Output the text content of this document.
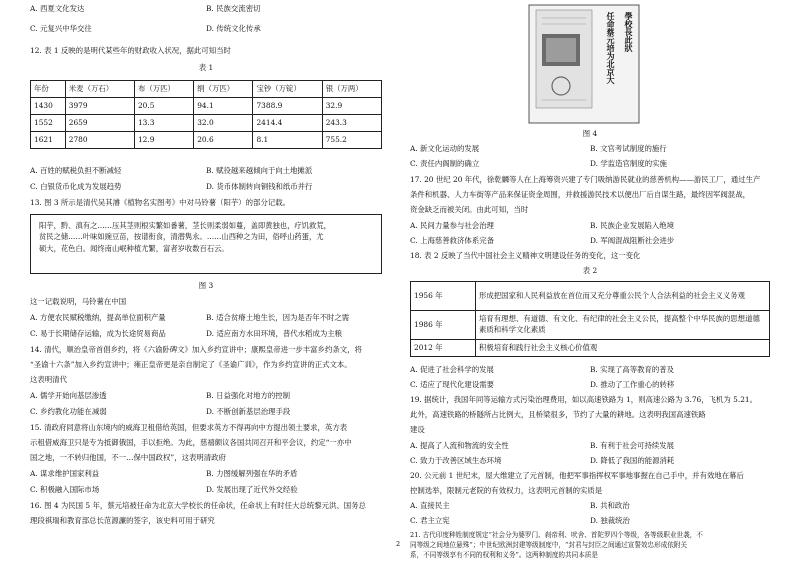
A. 西夏文化发达	B. 民族交流密切
C. 元复兴中华交往	D. 传统文化传承
12. 表 1 反映的是明代某些年的财政收入状况，据此可知当时
表 1
年份	米麦（万石）	布（万匹）	绢（万匹）	宝钞（万锭）	银（万两）
1430	3979	20.5	94.1	7388.9	32.9
1552	2659	13.3	32.0	2414.4	243.3
1621	2780	12.9	20.6	8.1	755.2
A. 百姓的赋税负担不断减轻	B. 赋役越来越倾向于向土地摊派
C. 白银货币化成为发展趋势	D. 货币体制转向铜钱和纸币并行
13. 图 3 所示是清代吴其濬《植物名实图考》中对马铃薯（阳芋）的部分记载。
阳芋，黔、滇有之……压其茎则根实繁如番薯，茎长则柔弱如蔓，盖即黄独也，疗饥救荒，
贫民之储……叶味如豌豆苗，按谱衔食，清潜隽永。……山西种之为田，俗呼山药蛋，尤
硕大，花色白。闻终南山岷种植尤繁，富者岁收数百石云。
图 3
这一记载说明，马铃薯在中国
A. 方便农民赋税缴纳，提高单位面积产量	B. 适合贫瘠土地生长，因为是否年不时之需
C. 易于长期储存运输，成为长途贸易商品	D. 适应南方水田环境，普代水稻成为主粮
14. 清代，顺治皇帝首倡乡约，将《六谕卧碑文》加入乡约宣讲中；康熙皇帝进一步丰富乡约条文，将
“圣谕十六条”加入乡约宣讲中；雍正皇帝更是亲自制定了《圣谕广训》，作为乡约宣讲的正式文本。
这表明清代
A. 儒学开始向基层渗透	B. 日益强化对地方的控制
C. 乡约教化功能在减弱	D. 不断创新基层治理手段
15. 清政府同意将山东境内的威海卫租借给英国，但要求英方不得再向中方提出领土要求，英方表
示租借威海卫只是专为抵御俄国，手以拒绝。为此，慈禧颇议各国共同召开和平会议，约定“一亦中
国之地，一不转归他国，不一…保中国政权”，这表明清政府
A. 谋求维护国家利益	B. 力图缓解列强在华的矛盾
C. 积极融入国际市场	D. 发展出现了近代外交经验
16. 图 4 为民国 5 年，蔡元培被任命为北京大学校长的任命状，任命状上有时任大总统黎元洪、国务总
理段祺瑞和教育部总长范源濂的签字，该史料可用于研究
任命蔡元培为北京大	學校長此狀
图 4
A. 新文化运动的发展	B. 文官考试制度的施行
C. 责任内阁制的确立	D. 学监造官制度的实施
17. 20 世纪 20 年代，徐乾麟等人在上海筹资兴建了专门吸纳游民就业的慈善机构——游民工厂，通过生产
条件和机器、人力车街等产品来保证资金周围，并救援游民技术以便出厂后自谋生路，最终因军阀混战，
资金缺乏而被关闭。由此可知，当时
A. 民间力量参与社会治理	B. 民族企业发展陷入绝境
C. 上海慈善救济体系完备	D. 军阀混战阻断社会进步
18. 表 2 反映了当代中国社会主义精神文明建设任务的变化，这一变化
表 2
1956 年	形成把国家和人民利益放在首位而又充分尊重公民个人合法利益的社会主义义务观
1986 年	培育有理想、有道德、有文化、有纪律的社会主义公民，提高整个中华民族的思想道德素质和科学文化素质
2012 年	积极培育和践行社会主义核心价值观
A. 促进了社会科学的发展	B. 实现了高等教育的普及
C. 适应了现代化建设需要	D. 推动了工作重心的转移
19. 据统计，我国年同等运输方式污染治理费用，如以高速铁路为 1，则高速公路为 3.76，飞机为 5.21。
此外，高速铁路的桥隧所占比例大，且桥梁很多，节约了大量的耕地。这表明我国高速铁路
建设
A. 提高了人流和物流的安全性	B. 有利于社会可持续发展
C. 致力于改善区域生态环境	D. 降低了我国的能源消耗
20. 公元前 1 世纪末，屋大维建立了元首制，他把军事指挥权军事地事握在自己手中，并有效地在幕后
控制选举，限制元老院的有效权力，这表明元首制的实质是
A. 直接民主	B. 共和政治
C. 君主立宪	D. 独裁统治
21. 古代印度种姓制度规定“社会分为婆罗门、刹帝利、吠舍、首陀罗四个等级，各等级职业世袭，不
同等级之间地位悬殊”；中世纪欧洲封建等级制度中，“封君与封臣之间通过宣誓效忠形成依附关
系，不同等级享有不同的权利和义务”。这两种制度的共同本质是
2
